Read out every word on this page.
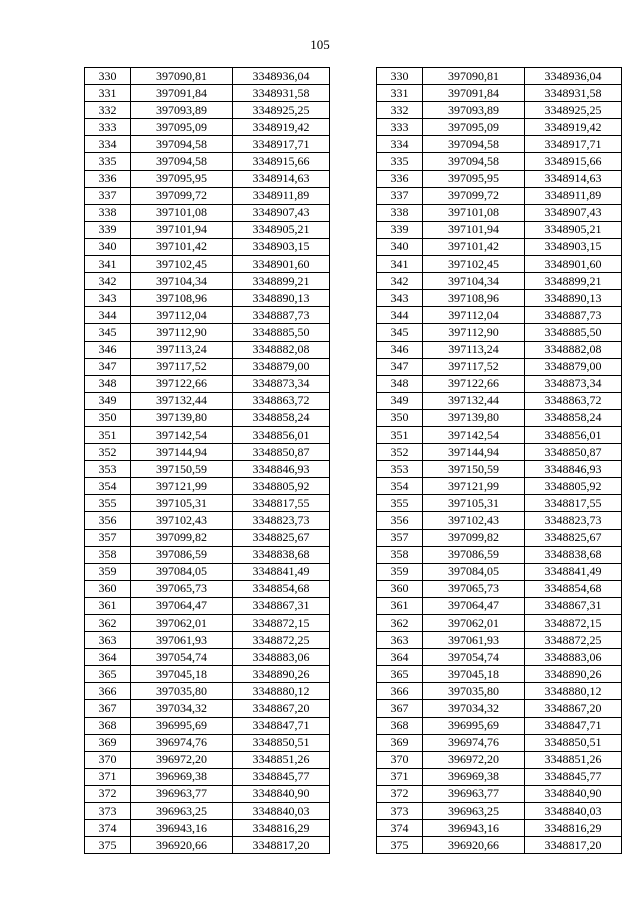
105
330	397090,81	3348936,04
331	397091,84	3348931,58
332	397093,89	3348925,25
333	397095,09	3348919,42
334	397094,58	3348917,71
335	397094,58	3348915,66
336	397095,95	3348914,63
337	397099,72	3348911,89
338	397101,08	3348907,43
339	397101,94	3348905,21
340	397101,42	3348903,15
341	397102,45	3348901,60
342	397104,34	3348899,21
343	397108,96	3348890,13
344	397112,04	3348887,73
345	397112,90	3348885,50
346	397113,24	3348882,08
347	397117,52	3348879,00
348	397122,66	3348873,34
349	397132,44	3348863,72
350	397139,80	3348858,24
351	397142,54	3348856,01
352	397144,94	3348850,87
353	397150,59	3348846,93
354	397121,99	3348805,92
355	397105,31	3348817,55
356	397102,43	3348823,73
357	397099,82	3348825,67
358	397086,59	3348838,68
359	397084,05	3348841,49
360	397065,73	3348854,68
361	397064,47	3348867,31
362	397062,01	3348872,15
363	397061,93	3348872,25
364	397054,74	3348883,06
365	397045,18	3348890,26
366	397035,80	3348880,12
367	397034,32	3348867,20
368	396995,69	3348847,71
369	396974,76	3348850,51
370	396972,20	3348851,26
371	396969,38	3348845,77
372	396963,77	3348840,90
373	396963,25	3348840,03
374	396943,16	3348816,29
375	396920,66	3348817,20
330	397090,81	3348936,04
331	397091,84	3348931,58
332	397093,89	3348925,25
333	397095,09	3348919,42
334	397094,58	3348917,71
335	397094,58	3348915,66
336	397095,95	3348914,63
337	397099,72	3348911,89
338	397101,08	3348907,43
339	397101,94	3348905,21
340	397101,42	3348903,15
341	397102,45	3348901,60
342	397104,34	3348899,21
343	397108,96	3348890,13
344	397112,04	3348887,73
345	397112,90	3348885,50
346	397113,24	3348882,08
347	397117,52	3348879,00
348	397122,66	3348873,34
349	397132,44	3348863,72
350	397139,80	3348858,24
351	397142,54	3348856,01
352	397144,94	3348850,87
353	397150,59	3348846,93
354	397121,99	3348805,92
355	397105,31	3348817,55
356	397102,43	3348823,73
357	397099,82	3348825,67
358	397086,59	3348838,68
359	397084,05	3348841,49
360	397065,73	3348854,68
361	397064,47	3348867,31
362	397062,01	3348872,15
363	397061,93	3348872,25
364	397054,74	3348883,06
365	397045,18	3348890,26
366	397035,80	3348880,12
367	397034,32	3348867,20
368	396995,69	3348847,71
369	396974,76	3348850,51
370	396972,20	3348851,26
371	396969,38	3348845,77
372	396963,77	3348840,90
373	396963,25	3348840,03
374	396943,16	3348816,29
375	396920,66	3348817,20
